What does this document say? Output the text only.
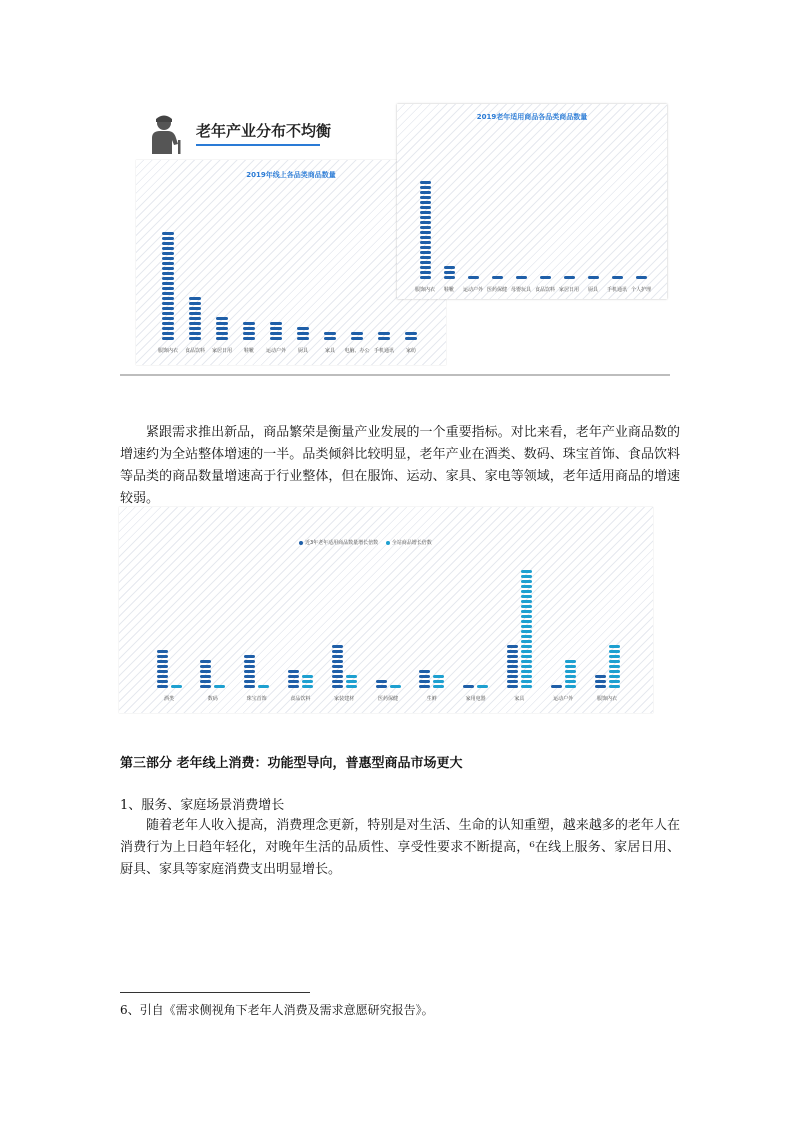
老年产业分布不均衡
2019年线上各品类商品数量
服饰内衣 食品饮料 家居日用 鞋靴 运动户外 厨具	家具 电脑、办公 手机通讯 家纺
2019老年适用商品各品类商品数量
服饰内衣 鞋靴 运动户外 医药保健 母婴玩具 食品饮料 家居日用 厨具 手机通讯 个人护理
紧跟需求推出新品，商品繁荣是衡量产业发展的一个重要指标。对比来看，老年产业商品数的增速约为全站整体增速的一半。品类倾斜比较明显，老年产业在酒类、数码、珠宝首饰、食品饮料等品类的商品数量增速高于行业整体，但在服饰、运动、家具、家电等领域，老年适用商品的增速较弱。
近3年老年适用商品数量增长倍数	全站商品增长倍数
酒类	数码	珠宝首饰	食品饮料	家装建材	医药保健	生鲜	家用电器	家具	运动户外	服饰内衣
第三部分 老年线上消费：功能型导向，普惠型商品市场更大
1、服务、家庭场景消费增长
随着老年人收入提高，消费理念更新，特别是对生活、生命的认知重塑，越来越多的老年人在消费行为上日趋年轻化，对晚年生活的品质性、享受性要求不断提高，⁶在线上服务、家居日用、厨具、家具等家庭消费支出明显增长。
6、引自《需求侧视角下老年人消费及需求意愿研究报告》。
